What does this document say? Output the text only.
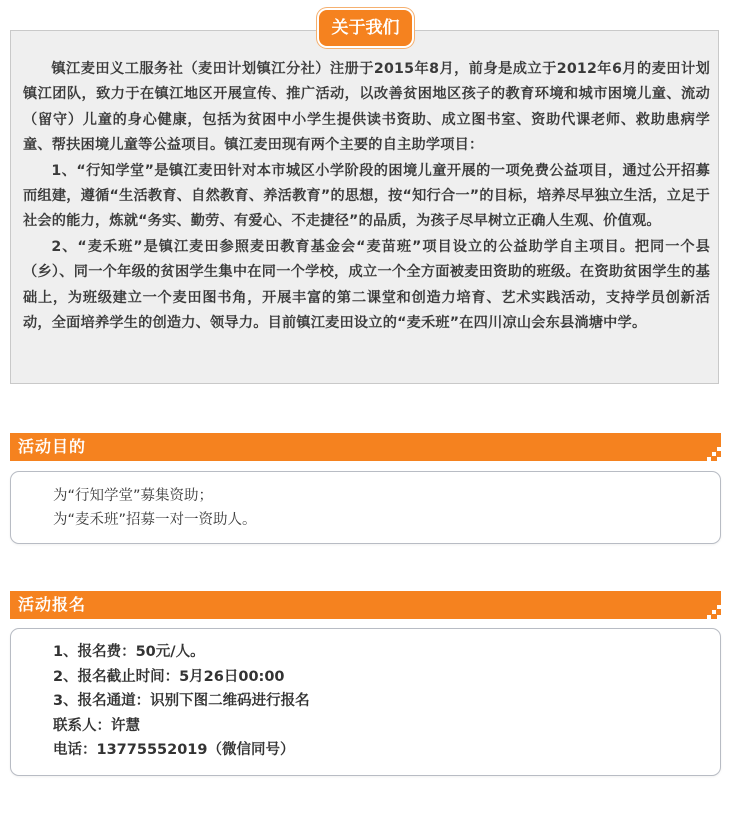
关于我们

镇江麦田义工服务社（麦田计划镇江分社）注册于2015年8月，前身是成立于2012年6月的麦田计划镇江团队，致力于在镇江地区开展宣传、推广活动，以改善贫困地区孩子的教育环境和城市困境儿童、流动（留守）儿童的身心健康，包括为贫困中小学生提供读书资助、成立图书室、资助代课老师、救助患病学童、帮扶困境儿童等公益项目。镇江麦田现有两个主要的自主助学项目：

1、“行知学堂”是镇江麦田针对本市城区小学阶段的困境儿童开展的一项免费公益项目，通过公开招募而组建，遵循“生活教育、自然教育、养活教育”的思想，按“知行合一”的目标，培养尽早独立生活，立足于社会的能力，炼就“务实、勤劳、有爱心、不走捷径”的品质，为孩子尽早树立正确人生观、价值观。

2、“麦禾班”是镇江麦田参照麦田教育基金会“麦苗班”项目设立的公益助学自主项目。把同一个县（乡）、同一个年级的贫困学生集中在同一个学校，成立一个全方面被麦田资助的班级。在资助贫困学生的基础上，为班级建立一个麦田图书角，开展丰富的第二课堂和创造力培育、艺术实践活动，支持学员创新活动，全面培养学生的创造力、领导力。目前镇江麦田设立的“麦禾班”在四川凉山会东县淌塘中学。

活动目的
为“行知学堂”募集资助；
为“麦禾班”招募一对一资助人。
活动报名
1、报名费：50元/人。
2、报名截止时间：5月26日00:00
3、报名通道：识别下图二维码进行报名
联系人：许慧
电话：13775552019（微信同号）
